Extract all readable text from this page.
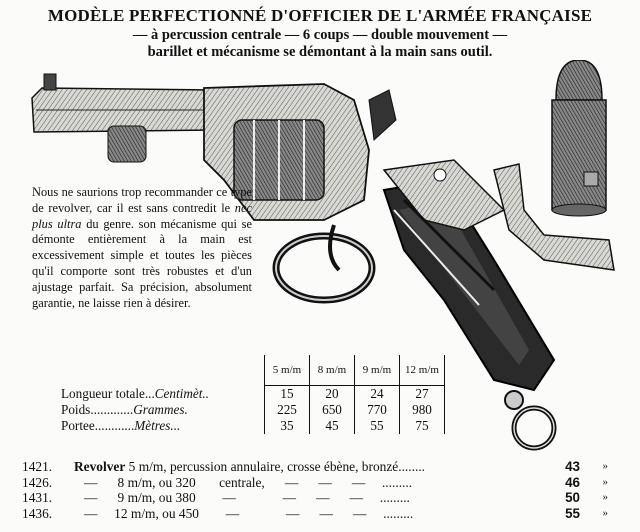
MODÈLE PERFECTIONNÉ D'OFFICIER DE L'ARMÉE FRANÇAISE
— à percussion centrale — 6 coups — double mouvement —
barillet et mécanisme se démontant à la main sans outil.
Nous ne saurions trop recommander ce type de revolver, car il est sans contredit le nec plus ultra du genre. son mécanisme qui se démonte entièrement à la main est excessivement simple et toutes les pièces qu'il comporte sont très robustes et d'un ajustage parfait. Sa précision, absolument garantie, ne laisse rien à désirer.
	5 m/m	8 m/m	9 m/m	12 m/m
Longueur totale...Centimèt..	15	20	24	27
Poids.............Grammes.	225	650	770	980
Portee............Mètres...	35	45	55	75
1421. Revolver 5 m/m, percussion annulaire, crosse ébène, bronzé........	43 »
1426. —      8 m/m, ou 320       centrale,      —      —      —     .........	46 »
1431. —      9 m/m, ou 380        —              —      —      —     .........	50 »
1436. —     12 m/m, ou 450        —              —      —      —     .........	55 »
